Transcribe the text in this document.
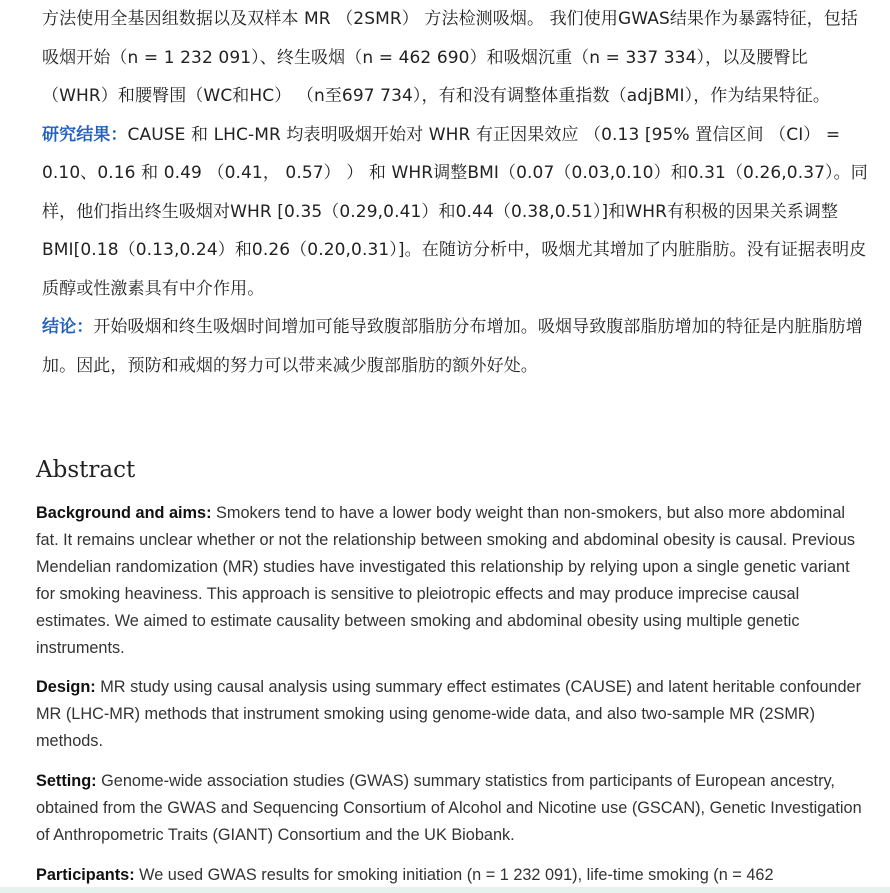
方法使用全基因组数据以及双样本 MR （2SMR） 方法检测吸烟。 我们使用GWAS结果作为暴露特征，包括吸烟开始（n = 1 232 091）、终生吸烟（n = 462 690）和吸烟沉重（n = 337 334），以及腰臀比（WHR）和腰臀围（WC和HC） （n至697 734），有和没有调整体重指数（adjBMI），作为结果特征。

研究结果：CAUSE 和 LHC-MR 均表明吸烟开始对 WHR 有正因果效应 （0.13 [95% 置信区间 （CI） = 0.10、0.16 和 0.49 （0.41， 0.57） ） 和 WHR调整BMI（0.07（0.03,0.10）和0.31（0.26,0.37）。同样，他们指出终生吸烟对WHR [0.35（0.29,0.41）和0.44（0.38,0.51）]和WHR有积极的因果关系调整BMI[0.18（0.13,0.24）和0.26（0.20,0.31）]。在随访分析中，吸烟尤其增加了内脏脂肪。没有证据表明皮质醇或性激素具有中介作用。

结论：开始吸烟和终生吸烟时间增加可能导致腹部脂肪分布增加。吸烟导致腹部脂肪增加的特征是内脏脂肪增加。因此，预防和戒烟的努力可以带来减少腹部脂肪的额外好处。

Abstract

Background and aims: Smokers tend to have a lower body weight than non-smokers, but also more abdominal fat. It remains unclear whether or not the relationship between smoking and abdominal obesity is causal. Previous Mendelian randomization (MR) studies have investigated this relationship by relying upon a single genetic variant for smoking heaviness. This approach is sensitive to pleiotropic effects and may produce imprecise causal estimates. We aimed to estimate causality between smoking and abdominal obesity using multiple genetic instruments.

Design: MR study using causal analysis using summary effect estimates (CAUSE) and latent heritable confounder MR (LHC-MR) methods that instrument smoking using genome-wide data, and also two-sample MR (2SMR) methods.

Setting: Genome-wide association studies (GWAS) summary statistics from participants of European ancestry, obtained from the GWAS and Sequencing Consortium of Alcohol and Nicotine use (GSCAN), Genetic Investigation of Anthropometric Traits (GIANT) Consortium and the UK Biobank.

Participants: We used GWAS results for smoking initiation (n = 1 232 091), life-time smoking (n = 462
